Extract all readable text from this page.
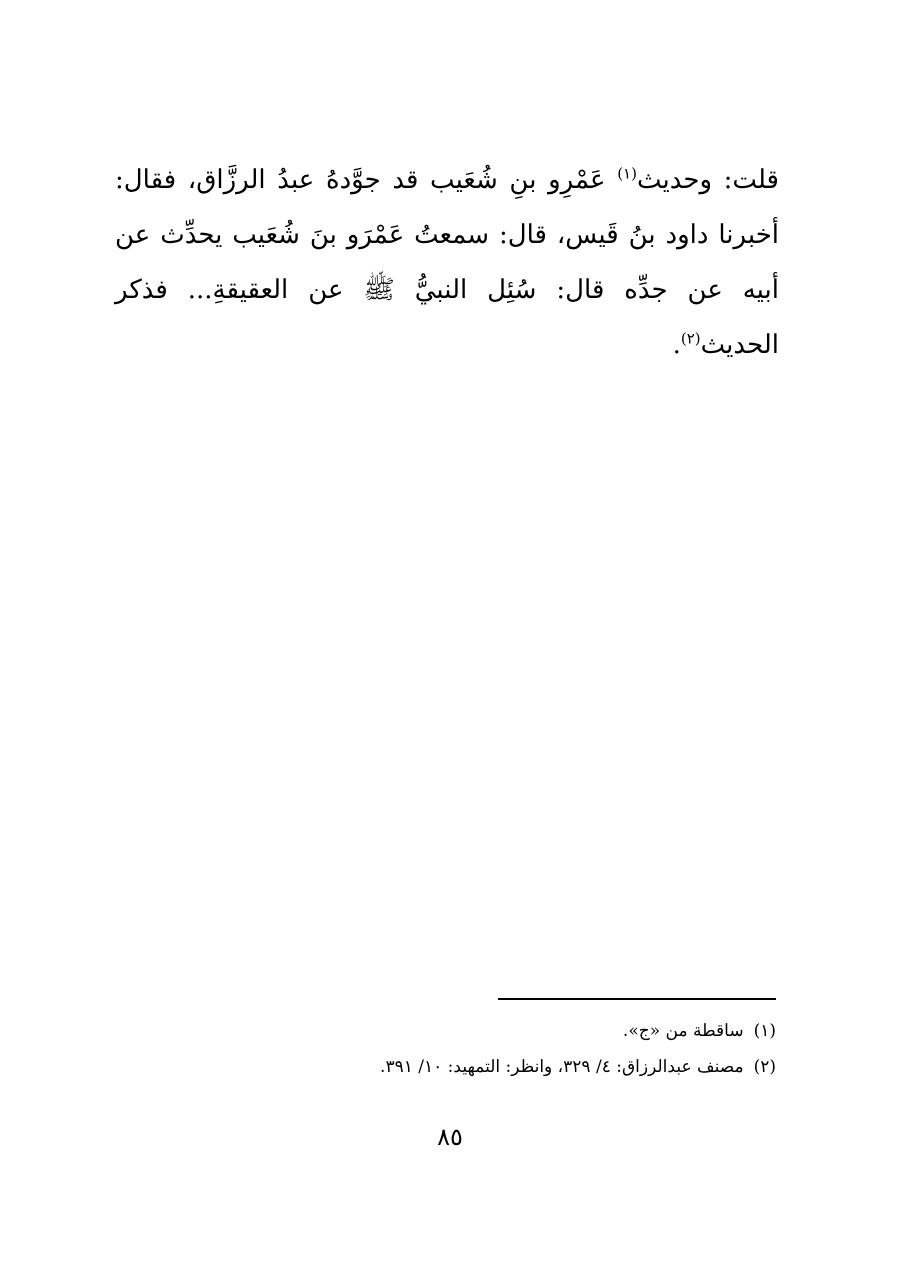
قلت: وحديث$^{(١)}$ عَمْرِو بنِ شُعَيب قد جوَّدهُ عبدُ الرزَّاق، فقال: أخبرنا داود بنُ قَيس، قال: سمعتُ عَمْرَو بنَ شُعَيب يحدِّث عن أبيه عن جدِّه قال: سُئِل النبيُّ ﷺ عن العقيقةِ... فذكر الحديث$^{(٢)}$.
(١)ساقطة من «ج».
(٢)مصنف عبدالرزاق: ٤/ ٣٢٩، وانظر: التمهيد: ١٠/ ٣٩١.
٨٥
